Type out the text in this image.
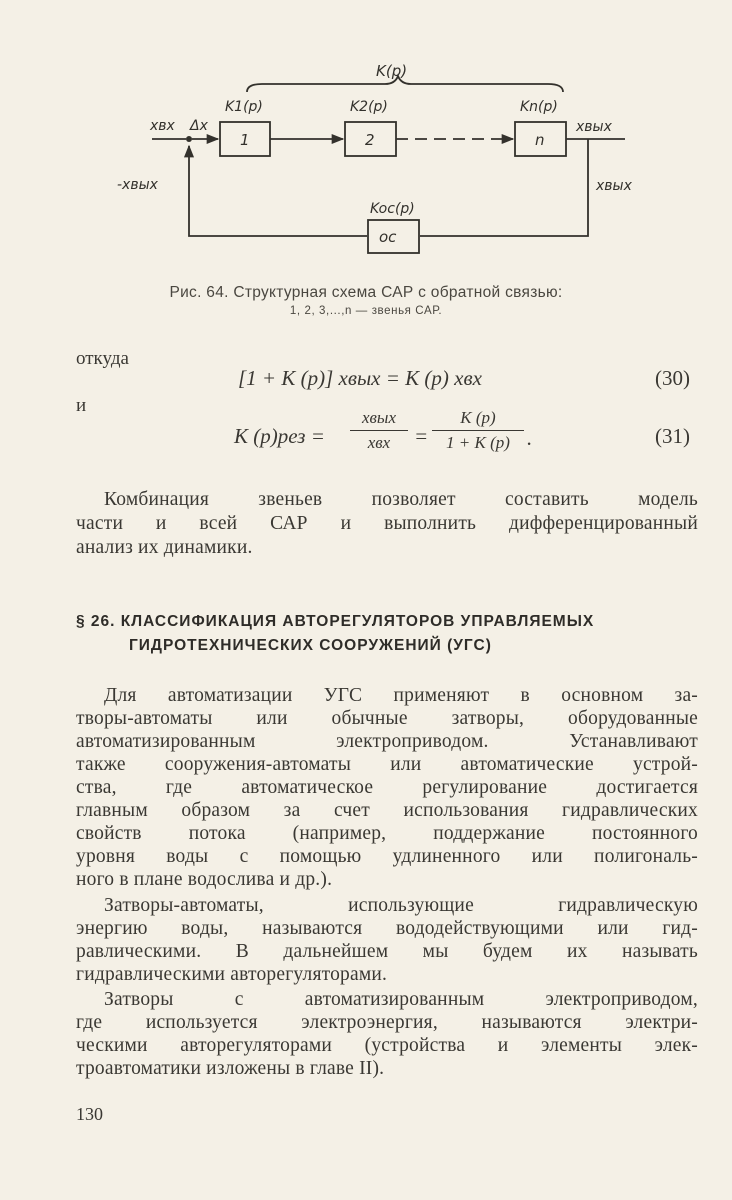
K(p)
K1(p)	K2(p)	Kn(p)
Koc(p)
xвх Δx	xвых
xвых
-xвых
1	2	n
ос
Рис. 64. Структурная схема САР с обратной связью:
1, 2, 3,...,n — звенья САР.
откуда
и
[1 + K (p)] xвых = K (p) xвх	(30)
K (p)рез =
xвых
xвх	=
K (p)
1 + K (p) .	(31)
Комбинация звеньев позволяет составить модель
части и всей САР и выполнить дифференцированный
анализ их динамики.
§ 26. КЛАССИФИКАЦИЯ АВТОРЕГУЛЯТОРОВ УПРАВЛЯЕМЫХ
ГИДРОТЕХНИЧЕСКИХ СООРУЖЕНИЙ (УГС)
Для автоматизации УГС применяют в основном за-
творы-автоматы или обычные затворы, оборудованные
автоматизированным электроприводом. Устанавливают
также сооружения-автоматы или автоматические устрой-
ства, где автоматическое регулирование достигается
главным образом за счет использования гидравлических
свойств потока (например, поддержание постоянного
уровня воды с помощью удлиненного или полигональ-
ного в плане водослива и др.).
Затворы-автоматы, использующие гидравлическую
энергию воды, называются вододействующими или гид-
равлическими. В дальнейшем мы будем их называть
гидравлическими авторегуляторами.
Затворы с автоматизированным электроприводом,
где используется электроэнергия, называются электри-
ческими авторегуляторами (устройства и элементы элек-
троавтоматики изложены в главе II).
130
